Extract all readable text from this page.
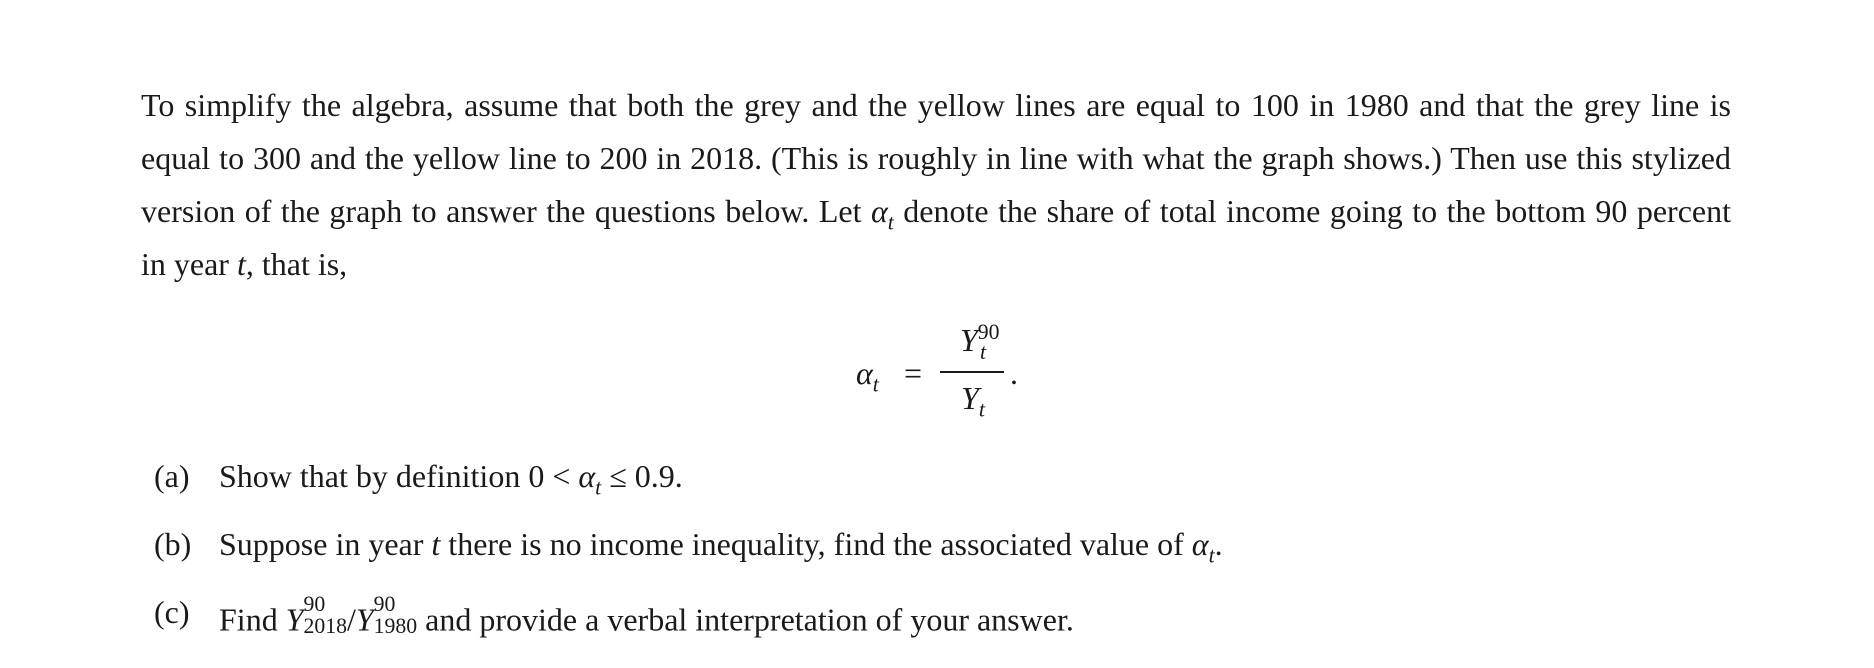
To simplify the algebra, assume that both the grey and the yellow lines are equal to 100 in 1980 and that the grey line is equal to 300 and the yellow line to 200 in 2018. (This is roughly in line with what the graph shows.) Then use this stylized version of the graph to answer the questions below. Let $\alpha_t$ denote the share of total income going to the bottom 90 percent in year t, that is,

$\alpha_t$ =
$Y^{90}_t$
$Y_t$
.
(a) Show that by definition $0 < \alpha_t \le 0.9$.
(b) Suppose in year t there is no income inequality, find the associated value of $\alpha_t$.
(c) Find Y 90
2018 /Y 90
1980 and provide a verbal interpretation of your answer.
